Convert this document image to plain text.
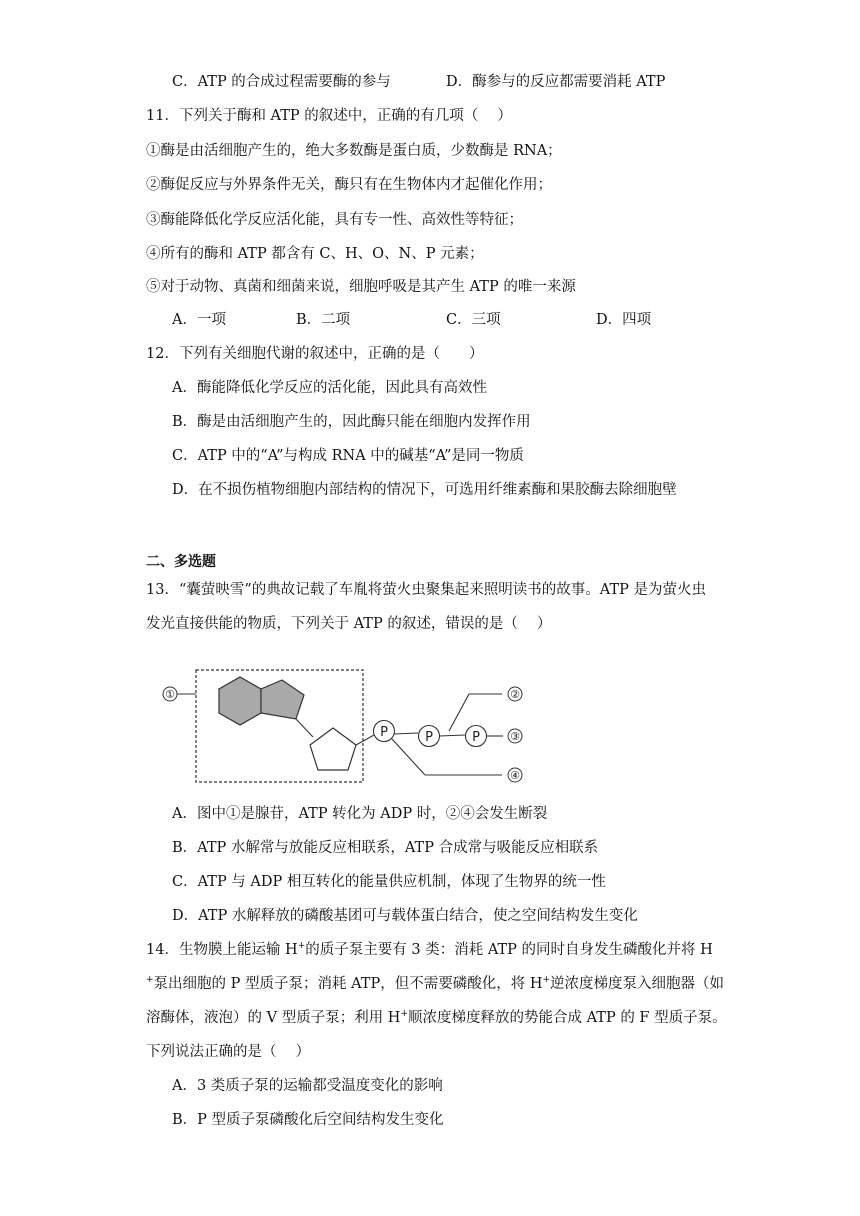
C．ATP 的合成过程需要酶的参与	D．酶参与的反应都需要消耗 ATP
11．下列关于酶和 ATP 的叙述中，正确的有几项（　 ）
①酶是由活细胞产生的，绝大多数酶是蛋白质，少数酶是 RNA；
②酶促反应与外界条件无关，酶只有在生物体内才起催化作用；
③酶能降低化学反应活化能，具有专一性、高效性等特征；
④所有的酶和 ATP 都含有 C、H、O、N、P 元素；
⑤对于动物、真菌和细菌来说，细胞呼吸是其产生 ATP 的唯一来源
A．一项	B．二项	C．三项	D．四项
12．下列有关细胞代谢的叙述中，正确的是（　　）
A．酶能降低化学反应的活化能，因此具有高效性
B．酶是由活细胞产生的，因此酶只能在细胞内发挥作用
C．ATP 中的“A”与构成 RNA 中的碱基“A”是同一物质
D．在不损伤植物细胞内部结构的情况下，可选用纤维素酶和果胶酶去除细胞壁
二、多选题
13．“囊萤映雪”的典故记载了车胤将萤火虫聚集起来照明读书的故事。ATP 是为萤火虫
发光直接供能的物质，下列关于 ATP 的叙述，错误的是（　 ）
①
P	P	P
②
③
④
A．图中①是腺苷，ATP 转化为 ADP 时，②④会发生断裂
B．ATP 水解常与放能反应相联系，ATP 合成常与吸能反应相联系
C．ATP 与 ADP 相互转化的能量供应机制，体现了生物界的统一性
D．ATP 水解释放的磷酸基团可与载体蛋白结合，使之空间结构发生变化
14．生物膜上能运输 H+的质子泵主要有 3 类：消耗 ATP 的同时自身发生磷酸化并将 H
+泵出细胞的 P 型质子泵；消耗 ATP，但不需要磷酸化，将 H+逆浓度梯度泵入细胞器（如
溶酶体，液泡）的 V 型质子泵；利用 H+顺浓度梯度释放的势能合成 ATP 的 F 型质子泵。
下列说法正确的是（　 ）
A．3 类质子泵的运输都受温度变化的影响
B．P 型质子泵磷酸化后空间结构发生变化
